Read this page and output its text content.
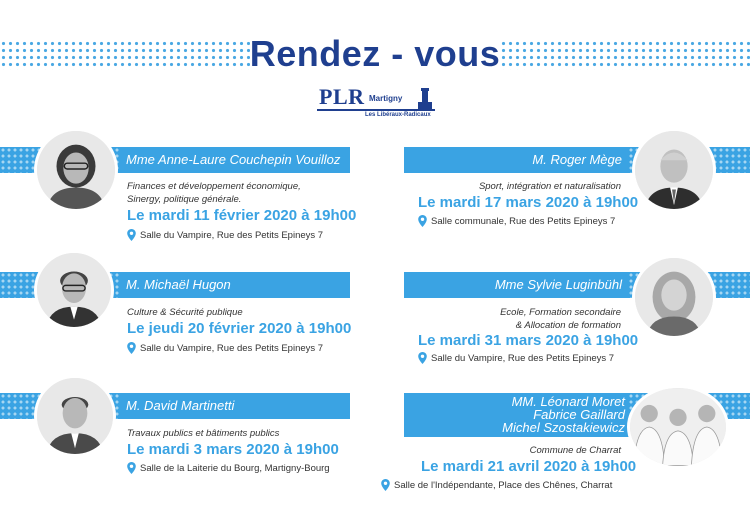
Rendez - vous
PLR Martigny
Les Libéraux-Radicaux
Mme Anne-Laure Couchepin Vouilloz
Finances et développement économique,
Sinergy, politique générale.
Le mardi 11 février 2020 à 19h00
Salle du Vampire, Rue des Petits Epineys 7
M. Michaël Hugon
Culture & Sécurité publique
Le jeudi 20 février 2020 à 19h00
Salle du Vampire, Rue des Petits Epineys 7
M. David Martinetti
Travaux publics et bâtiments publics
Le mardi 3 mars 2020 à 19h00
Salle de la Laiterie du Bourg, Martigny-Bourg
M. Roger Mège
Sport, intégration et naturalisation
Le mardi 17 mars 2020 à 19h00
Salle communale, Rue des Petits Epineys 7
Mme Sylvie Luginbühl
Ecole, Formation secondaire
& Allocation de formation
Le mardi 31 mars 2020 à 19h00
Salle du Vampire, Rue des Petits Epineys 7
MM. Léonard Moret
Fabrice Gaillard
Michel Szostakiewicz
Commune de Charrat
Le mardi 21 avril 2020 à 19h00
Salle de l'Indépendante, Place des Chênes, Charrat
